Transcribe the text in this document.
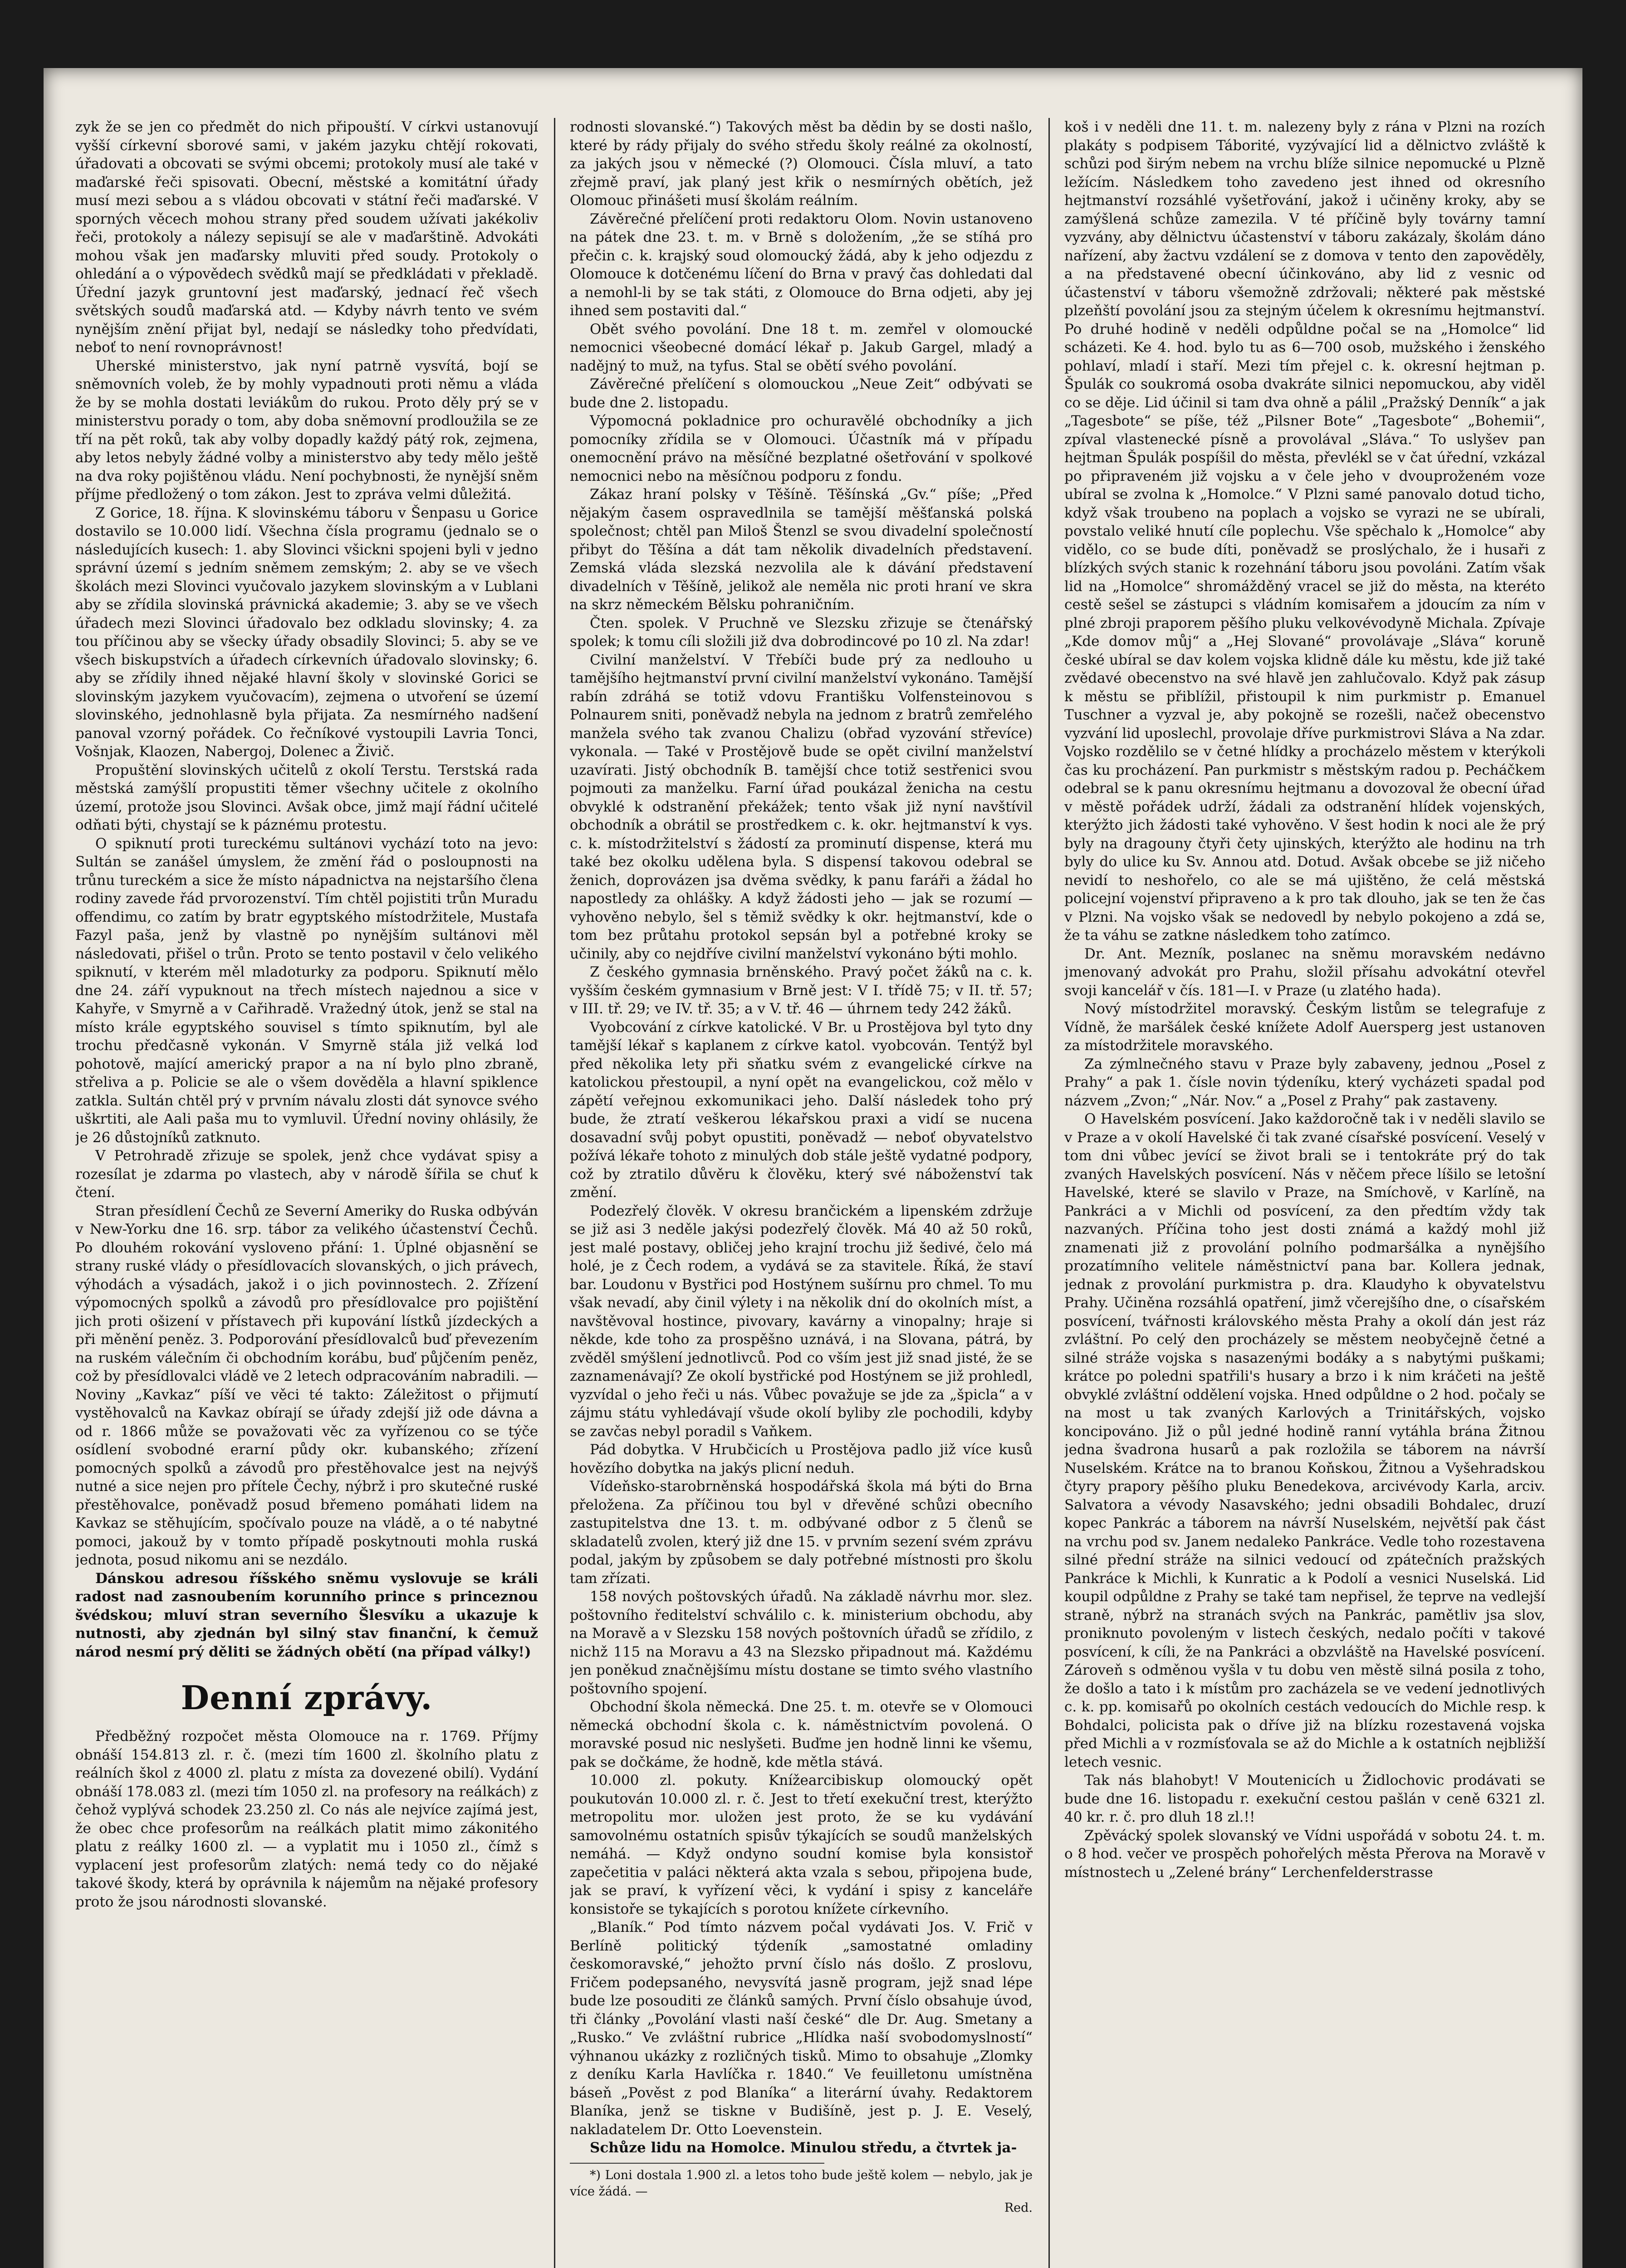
zyk že se jen co předmět do nich připouští. V církvi ustanovují vyšší církevní sborové sami, v jakém jazyku chtějí rokovati, úřadovati a obcovati se svými obcemi; protokoly musí ale také v maďarské řeči spisovati. Obecní, městské a komitátní úřady musí mezi sebou a s vládou obcovati v státní řeči maďarské. V sporných věcech mohou strany před soudem užívati jakékoliv řeči, protokoly a nálezy sepisují se ale v maďarštině. Advokáti mohou však jen maďarsky mluviti před soudy. Protokoly o ohledání a o výpovědech svědků mají se předkládati v překladě. Úřední jazyk gruntovní jest maďarský, jednací řeč všech světských soudů maďarská atd. — Kdyby návrh tento ve svém nynějším znění přijat byl, nedají se následky toho předvídati, neboť to není rovnoprávnost!

Uherské ministerstvo, jak nyní patrně vysvítá, bojí se sněmovních voleb, že by mohly vypadnouti proti němu a vláda že by se mohla dostati leviákům do rukou. Proto děly prý se v ministerstvu porady o tom, aby doba sněmovní prodloužila se ze tří na pět roků, tak aby volby dopadly každý pátý rok, zejmena, aby letos nebyly žádné volby a ministerstvo aby tedy mělo ještě na dva roky pojištěnou vládu. Není pochybnosti, že nynější sněm příjme předložený o tom zákon. Jest to zpráva velmi důležitá.

Z Gorice, 18. října. K slovinskému táboru v Šenpasu u Gorice dostavilo se 10.000 lidí. Všechna čísla programu (jednalo se o následujících kusech: 1. aby Slovinci všickni spojeni byli v jedno správní území s jedním sněmem zemským; 2. aby se ve všech školách mezi Slovinci vyučovalo jazykem slovinským a v Lublani aby se zřídila slovinská právnická akademie; 3. aby se ve všech úřadech mezi Slovinci úřadovalo bez odkladu slovinsky; 4. za tou příčinou aby se všecky úřady obsadily Slovinci; 5. aby se ve všech biskupstvích a úřadech církevních úřadovalo slovinsky; 6. aby se zřídily ihned nějaké hlavní školy v slovinské Gorici se slovinským jazykem vyučovacím), zejmena o utvoření se území slovinského, jednohlasně byla přijata. Za nesmírného nadšení panoval vzorný pořádek. Co řečníkové vystoupili Lavria Tonci, Vošnjak, Klaozen, Nabergoj, Dolenec a Živič.

Propuštění slovinských učitelů z okolí Terstu. Terstská rada městská zamýšlí propustiti těmer všechny učitele z okolního území, protože jsou Slovinci. Avšak obce, jimž mají řádní učitelé odňati býti, chystají se k páznému protestu.

O spiknutí proti tureckému sultánovi vychází toto na jevo: Sultán se zanášel úmyslem, že změní řád o posloupnosti na trůnu tureckém a sice že místo nápadnictva na nejstaršího člena rodiny zavede řád prvorozenství. Tím chtěl pojistiti trůn Muradu offendimu, co zatím by bratr egyptského místodržitele, Mustafa Fazyl paša, jenž by vlastně po nynějším sultánovi měl následovati, přišel o trůn. Proto se tento postavil v čelo velikého spiknutí, v kterém měl mladoturky za podporu. Spiknutí mělo dne 24. září vypuknout na třech místech najednou a sice v Kahyře, v Smyrně a v Cařihradě. Vražedný útok, jenž se stal na místo krále egyptského souvisel s tímto spiknutím, byl ale trochu předčasně vykonán. V Smyrně stála již velká loď pohotově, mající americký prapor a na ní bylo plno zbraně, střeliva a p. Policie se ale o všem dověděla a hlavní spiklence zatkla. Sultán chtěl prý v prvním návalu zlosti dát synovce svého uškrtiti, ale Aali paša mu to vymluvil. Úřední noviny ohlásily, že je 26 důstojníků zatknuto.

V Petrohradě zřizuje se spolek, jenž chce vydávat spisy a rozesílat je zdarma po vlastech, aby v národě šířila se chuť k čtení.

Stran přesídlení Čechů ze Severní Ameriky do Ruska odbýván v New-Yorku dne 16. srp. tábor za velikého účastenství Čechů. Po dlouhém rokování vysloveno přání: 1. Úplné objasnění se strany ruské vlády o přesídlovacích slovanských, o jich právech, výhodách a výsadách, jakož i o jich povinnostech. 2. Zřízení výpomocných spolků a závodů pro přesídlovalce pro pojištění jich proti ošizení v přístavech při kupování lístků jízdeckých a při měnění peněz. 3. Podporování přesídlovalců buď převezením na ruském válečním či obchodním korábu, buď půjčením peněz, což by přesídlovalci vládě ve 2 letech odpracováním nabradili. — Noviny „Kavkaz“ píší ve věci té takto: Záležitost o přijmutí vystěhovalců na Kavkaz obírají se úřady zdejší již ode dávna a od r. 1866 může se považovati věc za vyřízenou co se týče osídlení svobodné erarní půdy okr. kubanského; zřízení pomocných spolků a závodů pro přestěhovalce jest na nejvýš nutné a sice nejen pro přítele Čechy, nýbrž i pro skutečné ruské přestěhovalce, poněvadž posud břemeno pomáhati lidem na Kavkaz se stěhujícím, spočívalo pouze na vládě, a o té nabytné pomoci, jakouž by v tomto případě poskytnouti mohla ruská jednota, posud nikomu ani se nezdálo.

Dánskou adresou říšského sněmu vyslovuje se králi radost nad zasnoubením korunního prince s princeznou švédskou; mluví stran severního Šlesvíku a ukazuje k nutnosti, aby zjednán byl silný stav finanční, k čemuž národ nesmí prý děliti se žádných obětí (na případ války!)

Denní zprávy.

Předběžný rozpočet města Olomouce na r. 1769. Příjmy obnáší 154.813 zl. r. č. (mezi tím 1600 zl. školního platu z reálních škol z 4000 zl. platu z místa za dovezené obilí). Vydání obnáší 178.083 zl. (mezi tím 1050 zl. na profesory na reálkách) z čehož vyplývá schodek 23.250 zl. Co nás ale nejvíce zajímá jest, že obec chce profesorům na reálkách platit mimo zákonitého platu z reálky 1600 zl. — a vyplatit mu i 1050 zl., čímž s vyplacení jest profesorům zlatých: nemá tedy co do nějaké takové škody, která by oprávnila k nájemům na nějaké profesory proto že jsou národnosti slovanské.

rodnosti slovanské.“) Takových měst ba dědin by se dosti našlo, které by rády přijaly do svého středu školy reálné za okolností, za jakých jsou v německé (?) Olomouci. Čísla mluví, a tato zřejmě praví, jak planý jest křik o nesmírných obětích, jež Olomouc přinášeti musí školám reálním.

Závěrečné přelíčení proti redaktoru Olom. Novin ustanoveno na pátek dne 23. t. m. v Brně s doložením, „že se stíhá pro přečin c. k. krajský soud olomoucký žádá, aby k jeho odjezdu z Olomouce k dotčenému líčení do Brna v pravý čas dohledati dal a nemohl-li by se tak státi, z Olomouce do Brna odjeti, aby jej ihned sem postaviti dal.“

Obět svého povolání. Dne 18 t. m. zemřel v olomoucké nemocnici všeobecné domácí lékař p. Jakub Gargel, mladý a nadějný to muž, na tyfus. Stal se obětí svého povolání.

Závěrečné přelíčení s olomouckou „Neue Zeit“ odbývati se bude dne 2. listopadu.

Výpomocná pokladnice pro ochuravělé obchodníky a jich pomocníky zřídila se v Olomouci. Účastník má v případu onemocnění právo na měsíčné bezplatné ošetřování v spolkové nemocnici nebo na měsíčnou podporu z fondu.

Zákaz hraní polsky v Těšíně. Těšínská „Gv.“ píše; „Před nějakým časem ospravedlnila se tamější měšťanská polská společnost; chtěl pan Miloš Štenzl se svou divadelní společností přibyt do Těšína a dát tam několik divadelních představení. Zemská vláda slezská nezvolila ale k dávání představení divadelních v Těšíně, jelikož ale neměla nic proti hraní ve skra na skrz německém Bělsku pohraničním.

Čten. spolek. V Pruchně ve Slezsku zřizuje se čtenářský spolek; k tomu cíli složili již dva dobrodincové po 10 zl. Na zdar!

Civilní manželství. V Třebíči bude prý za nedlouho u tamějšího hejtmanství první civilní manželství vykonáno. Tamější rabín zdráhá se totiž vdovu Františku Volfensteinovou s Polnaurem sniti, poněvadž nebyla na jednom z bratrů zemřelého manžela svého tak zvanou Chalizu (obřad vyzování střevíce) vykonala. — Také v Prostějově bude se opět civilní manželství uzavírati. Jistý obchodník B. tamější chce totiž sestřenici svou pojmouti za manželku. Farní úřad poukázal ženicha na cestu obvyklé k odstranění překážek; tento však již nyní navštívil obchodník a obrátil se prostředkem c. k. okr. hejtmanství k vys. c. k. místodržitelství s žádostí za prominutí dispense, která mu také bez okolku udělena byla. S dispensí takovou odebral se ženich, doprovázen jsa dvěma svědky, k panu faráři a žádal ho napostledy za ohlášky. A když žádosti jeho — jak se rozumí — vyhověno nebylo, šel s těmiž svědky k okr. hejtmanství, kde o tom bez průtahu protokol sepsán byl a potřebné kroky se učinily, aby co nejdříve civilní manželství vykonáno býti mohlo.

Z českého gymnasia brněnského. Pravý počet žáků na c. k. vyšším českém gymnasium v Brně jest: V I. třídě 75; v II. tř. 57; v III. tř. 29; ve IV. tř. 35; a v V. tř. 46 — úhrnem tedy 242 žáků.

Vyobcování z církve katolické. V Br. u Prostějova byl tyto dny tamější lékař s kaplanem z církve katol. vyobcován. Tentýž byl před několika lety při sňatku svém z evangelické církve na katolickou přestoupil, a nyní opět na evangelickou, což mělo v zápětí veřejnou exkomunikaci jeho. Další následek toho prý bude, že ztratí veškerou lékařskou praxi a vidí se nucena dosavadní svůj pobyt opustiti, poněvadž — neboť obyvatelstvo požívá lékaře tohoto z minulých dob stále ještě vydatné podpory, což by ztratilo důvěru k člověku, který své náboženství tak změní.

Podezřelý člověk. V okresu brančickém a lipenském zdržuje se již asi 3 neděle jakýsi podezřelý člověk. Má 40 až 50 roků, jest malé postavy, obličej jeho krajní trochu již šedivé, čelo má holé, je z Čech rodem, a vydává se za stavitele. Říká, že staví bar. Loudonu v Bystřici pod Hostýnem sušírnu pro chmel. To mu však nevadí, aby činil výlety i na několik dní do okolních míst, a navštěvoval hostince, pivovary, kavárny a vinopalny; hraje si někde, kde toho za prospěšno uznává, i na Slovana, pátrá, by zvěděl smýšlení jednotlivců. Pod co vším jest již snad jisté, že se zaznamenávají? Ze okolí bystřické pod Hostýnem se již prohledl, vyzvídal o jeho řeči u nás. Vůbec považuje se jde za „špicla“ a v zájmu státu vyhledávají všude okolí byliby zle pochodili, kdyby se zavčas nebyl poradil s Vaňkem.

Pád dobytka. V Hrubčicích u Prostějova padlo již více kusů hovězího dobytka na jakýs plicní neduh.

Vídeňsko-starobrněnská hospodářská škola má býti do Brna přeložena. Za příčinou tou byl v dřevěné schůzi obecního zastupitelstva dne 13. t. m. odbývané odbor z 5 členů se skladatelů zvolen, který již dne 15. v prvním sezení svém zprávu podal, jakým by způsobem se daly potřebné místnosti pro školu tam zřízati.

158 nových poštovských úřadů. Na základě návrhu mor. slez. poštovního ředitelství schválilo c. k. ministerium obchodu, aby na Moravě a v Slezsku 158 nových poštovních úřadů se zřídilo, z nichž 115 na Moravu a 43 na Slezsko připadnout má. Každému jen poněkud značnějšímu místu dostane se timto svého vlastního poštovního spojení.

Obchodní škola německá. Dne 25. t. m. otevře se v Olomouci německá obchodní škola c. k. náměstnictvím povolená. O moravské posud nic neslyšeti. Buďme jen hodně linni ke všemu, pak se dočkáme, že hodně, kde mětla stává.

10.000 zl. pokuty. Knížearcibiskup olomoucký opět poukutován 10.000 zl. r. č. Jest to třetí exekuční trest, kterýžto metropolitu mor. uložen jest proto, že se ku vydávání samovolnému ostatních spisův týkajících se soudů manželských nemáhá. — Když ondyno soudní komise byla konsistoř zapečetitia v paláci některá akta vzala s sebou, připojena bude, jak se praví, k vyřízení věci, k vydání i spisy z kanceláře konsistoře se tykajících s porotou knížete církevního.

„Blaník.“ Pod tímto názvem počal vydávati Jos. V. Frič v Berlíně politický týdeník „samostatné omladiny českomoravské,“ jehožto první číslo nás došlo. Z proslovu, Fričem podepsaného, nevysvítá jasně program, jejž snad lépe bude lze posouditi ze článků samých. První číslo obsahuje úvod, tři články „Povolání vlasti naší české“ dle Dr. Aug. Smetany a „Rusko.“ Ve zvláštní rubrice „Hlídka naší svobodomyslností“ výhnanou ukázky z rozličných tisků. Mimo to obsahuje „Zlomky z deníku Karla Havlíčka r. 1840.“ Ve feuilletonu umístněna báseň „Pověst z pod Blaníka“ a literární úvahy. Redaktorem Blaníka, jenž se tiskne v Budišíně, jest p. J. E. Veselý, nakladatelem Dr. Otto Loevenstein.

Schůze lidu na Homolce. Minulou středu, a čtvrtek ja-

*) Loni dostala 1.900 zl. a letos toho bude ještě kolem — nebylo, jak je více žádá. —

Red.

koš i v neděli dne 11. t. m. nalezeny byly z rána v Plzni na rozích plakáty s podpisem Táborité, vyzývající lid a dělnictvo zvláště k schůzi pod širým nebem na vrchu blíže silnice nepomucké u Plzně ležícím. Následkem toho zavedeno jest ihned od okresního hejtmanství rozsáhlé vyšetřování, jakož i učiněny kroky, aby se zamýšlená schůze zamezila. V té příčině byly továrny tamní vyzvány, aby dělnictvu účastenství v táboru zakázaly, školám dáno nařízení, aby žactvu vzdálení se z domova v tento den zapověděly, a na představené obecní účinkováno, aby lid z vesnic od účastenství v táboru všemožně zdržovali; některé pak městské plzeňští povolání jsou za stejným účelem k okresnímu hejtmanství. Po druhé hodině v neděli odpůldne počal se na „Homolce“ lid scházeti. Ke 4. hod. bylo tu as 6—700 osob, mužského i ženského pohlaví, mladí i staří. Mezi tím přejel c. k. okresní hejtman p. Špulák co soukromá osoba dvakráte silnici nepomuckou, aby viděl co se děje. Lid účinil si tam dva ohně a pálil „Pražský Denník“ a jak „Tagesbote“ se píše, též „Pilsner Bote“ „Tagesbote“ „Bohemii“, zpíval vlastenecké písně a provolával „Sláva.“ To uslyšev pan hejtman Špulák pospíšil do města, převlékl se v čat úřední, vzkázal po připraveném již vojsku a v čele jeho v dvouproženém voze ubíral se zvolna k „Homolce.“ V Plzni samé panovalo dotud ticho, když však troubeno na poplach a vojsko se vyrazi ne se ubírali, povstalo veliké hnutí cíle poplechu. Vše spěchalo k „Homolce“ aby vidělo, co se bude díti, poněvadž se proslýchalo, že i husaři z blízkých svých stanic k rozehnání táboru jsou povoláni. Zatím však lid na „Homolce“ shromážděný vracel se již do města, na kteréto cestě sešel se zástupci s vládním komisařem a jdoucím za ním v plné zbroji praporem pěšího pluku velkovévodyně Michala. Zpívaje „Kde domov můj“ a „Hej Slované“ provolávaje „Sláva“ koruně české ubíral se dav kolem vojska klidně dále ku městu, kde již také zvědavé obecenstvo na své hlavě jen zahlučovalo. Když pak zásup k městu se přiblížil, přistoupil k nim purkmistr p. Emanuel Tuschner a vyzval je, aby pokojně se rozešli, načež obecenstvo vyzvání lid uposlechl, provolaje dříve purkmistrovi Sláva a Na zdar. Vojsko rozdělilo se v četné hlídky a procházelo městem v kterýkoli čas ku procházení. Pan purkmistr s městským radou p. Pecháčkem odebral se k panu okresnímu hejtmanu a dovozoval že obecní úřad v městě pořádek udrží, žádali za odstranění hlídek vojenských, kterýžto jich žádosti také vyhověno. V šest hodin k noci ale že prý byly na dragouny čtyři čety ujinských, kterýžto ale hodinu na trh byly do ulice ku Sv. Annou atd. Dotud. Avšak obcebe se již ničeho nevidí to neshořelo, co ale se má ujištěno, že celá městská policejní vojenství připraveno a k pro tak dlouho, jak se ten že čas v Plzni. Na vojsko však se nedovedl by nebylo pokojeno a zdá se, že ta váhu se zatkne následkem toho zatímco.

Dr. Ant. Mezník, poslanec na sněmu moravském nedávno jmenovaný advokát pro Prahu, složil přísahu advokátní otevřel svoji kancelář v čís. 181—I. v Praze (u zlatého hada).

Nový místodržitel moravský. Českým listům se telegrafuje z Vídně, že maršálek české knížete Adolf Auersperg jest ustanoven za místodržitele moravského.

Za zýmlnečného stavu v Praze byly zabaveny, jednou „Posel z Prahy“ a pak 1. čísle novin týdeníku, který vycházeti spadal pod názvem „Zvon;“ „Nár. Nov.“ a „Posel z Prahy“ pak zastaveny.

O Havelském posvícení. Jako každoročně tak i v neděli slavilo se v Praze a v okolí Havelské či tak zvané císařské posvícení. Veselý v tom dni vůbec jevící se život brali se i tentokráte prý do tak zvaných Havelských posvícení. Nás v něčem přece líšilo se letošní Havelské, které se slavilo v Praze, na Smíchově, v Karlíně, na Pankráci a v Michli od posvícení, za den předtím vždy tak nazvaných. Příčina toho jest dosti známá a každý mohl již znamenati již z provolání polního podmaršálka a nynějšího prozatímního velitele náměstnictví pana bar. Kollera jednak, jednak z provolání purkmistra p. dra. Klaudyho k obyvatelstvu Prahy. Učiněna rozsáhlá opatření, jimž včerejšího dne, o císařském posvícení, tvářnosti královského města Prahy a okolí dán jest ráz zvláštní. Po celý den procházely se městem neobyčejně četné a silné stráže vojska s nasazenými bodáky a s nabytými puškami; krátce po poledni spatřili's husary a brzo i k nim kráčeti na ještě obvyklé zvláštní oddělení vojska. Hned odpůldne o 2 hod. počaly se na most u tak zvaných Karlových a Trinitářských, vojsko koncipováno. Již o půl jedné hodině ranní vytáhla brána Žitnou jedna švadrona husarů a pak rozložila se táborem na návrší Nuselském. Krátce na to branou Koňskou, Žitnou a Vyšehradskou čtyry prapory pěšího pluku Benedekova, arcivévody Karla, arciv. Salvatora a vévody Nasavského; jedni obsadili Bohdalec, druzí kopec Pankrác a táborem na návrší Nuselském, největší pak část na vrchu pod sv. Janem nedaleko Pankráce. Vedle toho rozestavena silné přední stráže na silnici vedoucí od zpátečních pražských Pankráce k Michli, k Kunratic a k Podolí a vesnici Nuselská. Lid koupil odpůldne z Prahy se také tam nepřisel, že teprve na vedlejší straně, nýbrž na stranách svých na Pankrác, pamětliv jsa slov, proniknuto povoleným v listech českých, nedalo počíti v takové posvícení, k cíli, že na Pankráci a obzvláště na Havelské posvícení. Zároveň s odměnou vyšla v tu dobu ven městě silná posila z toho, že došlo a tato i k místům pro zacházela se ve vedení jednotlivých c. k. pp. komisařů po okolních cestách vedoucích do Michle resp. k Bohdalci, policista pak o dříve již na blízku rozestavená vojska před Michli a v rozmísťovala se až do Michle a k ostatních nejbližší letech vesnic.

Tak nás blahobyt! V Moutenicích u Židlochovic prodávati se bude dne 16. listopadu r. exekuční cestou pašlán v ceně 6321 zl. 40 kr. r. č. pro dluh 18 zl.!!

Zpěvácký spolek slovanský ve Vídni uspořádá v sobotu 24. t. m. o 8 hod. večer ve prospěch pohořelých města Přerova na Moravě v místnostech u „Zelené brány“ Lerchenfelderstrasse
